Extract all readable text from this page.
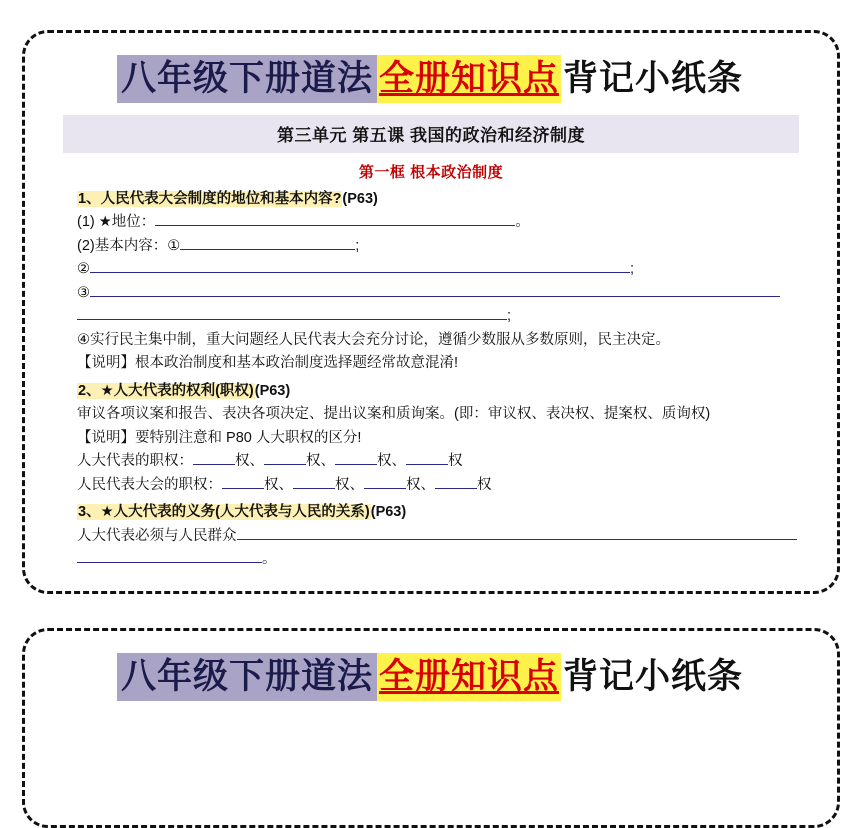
八年级下册道法 全册知识点 背记小纸条
第三单元 第五课 我国的政治和经济制度
第一框 根本政治制度
1、人民代表大会制度的地位和基本内容?(P63)
(1) ★地位：	。
(2)基本内容：①	;
②	;
③
;
④实行民主集中制，重大问题经人民代表大会充分讨论，遵循少数服从多数原则，民主决定。
【说明】根本政治制度和基本政治制度选择题经常故意混淆!
2、★人大代表的权利(职权)(P63)
审议各项议案和报告、表决各项决定、提出议案和质询案。(即：审议权、表决权、提案权、质询权)
【说明】要特别注意和 P80 人大职权的区分!
人大代表的职权：	权、	权、	权、	权
人民代表大会的职权：	权、	权、	权、	权
3、★人大代表的义务(人大代表与人民的关系)(P63)
人大代表必须与人民群众
。
八年级下册道法 全册知识点 背记小纸条
